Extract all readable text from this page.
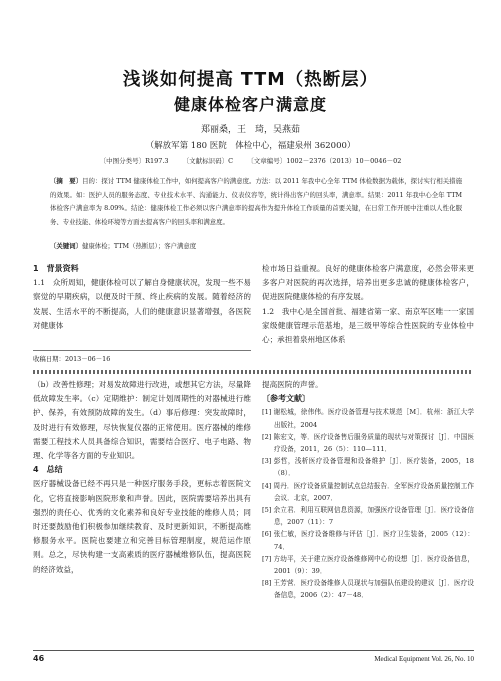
浅谈如何提高 TTM（热断层）
健康体检客户满意度
郑丽桑，王　琦，吴燕茹
（解放军第 180 医院　体检中心，福建泉州 362000）
〔中图分类号〕R197.3 〔文献标识码〕C 〔文章编号〕1002－2376（2013）10－0046－02
〔摘　要〕目的：探讨 TTM 健康体检工作中，如何提高客户的满意度。方法：以 2011 年我中心全年 TTM 体检数据为载体，探讨实行相关措施的效果。如：医护人员的服务态度、专业技术水平、沟通能力、仪表仪容等，统计得出客户的回头率，满意率。结果：2011 年我中心全年 TTM 体检客户满意率为 8.09%。结论：健康体检工作必须以客户满意率的提高作为提升体检工作质量的首要关键，在日常工作开展中注重以人性化服务、专业技能、体检环境等方面去提高客户的回头率和满意度。
〔关键词〕健康体检；TTM（热断层）；客户满意度
1　背景资料
1.1　众所周知，健康体检可以了解自身健康状况，发现一些不易察觉的早期疾病，以便及时干预、终止疾病的发展。随着经济的发展、生活水平的不断提高，人们的健康意识显著增强，各医院对健康体
检市场日益重视。良好的健康体检客户满意度，必然会带来更多客户对医院的再次选择，培养出更多忠诚的健康体检客户，促进医院健康体检的有序发展。
1.2　我中心是全国首批、福建省第一家、南京军区唯一一家国家级健康管理示范基地，是三级甲等综合性医院的专业体检中心；承担着泉州地区体系
收稿日期：2013－06－16
（b）改善性修理；对易发故障进行改进，或想其它方法，尽量降低故障发生率。（c）定期维护：制定计划周期性的对器械进行维护、保养，有效预防故障的发生。（d）事后修理：突发故障时，及时进行有效修理，尽快恢复仪器的正常使用。医疗器械的维修需要工程技术人员具备综合知识，需要结合医疗、电子电路、物理、化学等各方面的专业知识。
4　总结
医疗器械设备已经不再只是一种医疗服务手段，更标志着医院文化，它将直接影响医院形象和声誉。因此，医院需要培养出具有强烈的责任心、优秀的文化素养和良好专业技能的维修人员；同时还要鼓励他们积极参加继续教育、及时更新知识，不断提高维修服务水平。医院也要建立和完善目标管理制度，规范运作原则。总之，尽快构建一支高素质的医疗器械维修队伍，提高医院的经济效益，
提高医院的声誉。
〔参考文献〕
[1] 谢松城，徐伟伟。医疗设备管理与技术规范［M］．杭州：浙江大学出版社，2004
[2] 陈宏文，等．医疗设备售后服务质量的现状与对策探讨［J］．中国医疗设备，2011，26（5）：110—111．
[3] 彭哲，浅析医疗设备管理和设备维护［J］．医疗装备，2005，18（8）．
[4] 周丹．医疗设备质量控制试点总结报告．全军医疗设备质量控制工作会议．北京，2007．
[5] 余立君．利用互联网信息资源，加强医疗设备管理［J］．医疗设备信息，2007（11）：7
[6] 张仁敏，医疗设备维修与评估［J］．医疗卫生装备，2005（12）：74．
[7] 方幼平，关于建立医疗设备维修网中心的设想［J］．医疗设备信息，2001（9）：39．
[8] 王芳营．医疗设备维修人员现状与加强队伍建设的建议［J］．医疗设备信息，2006（2）：47－48．
46	Medical Equipment Vol. 26, No. 10
